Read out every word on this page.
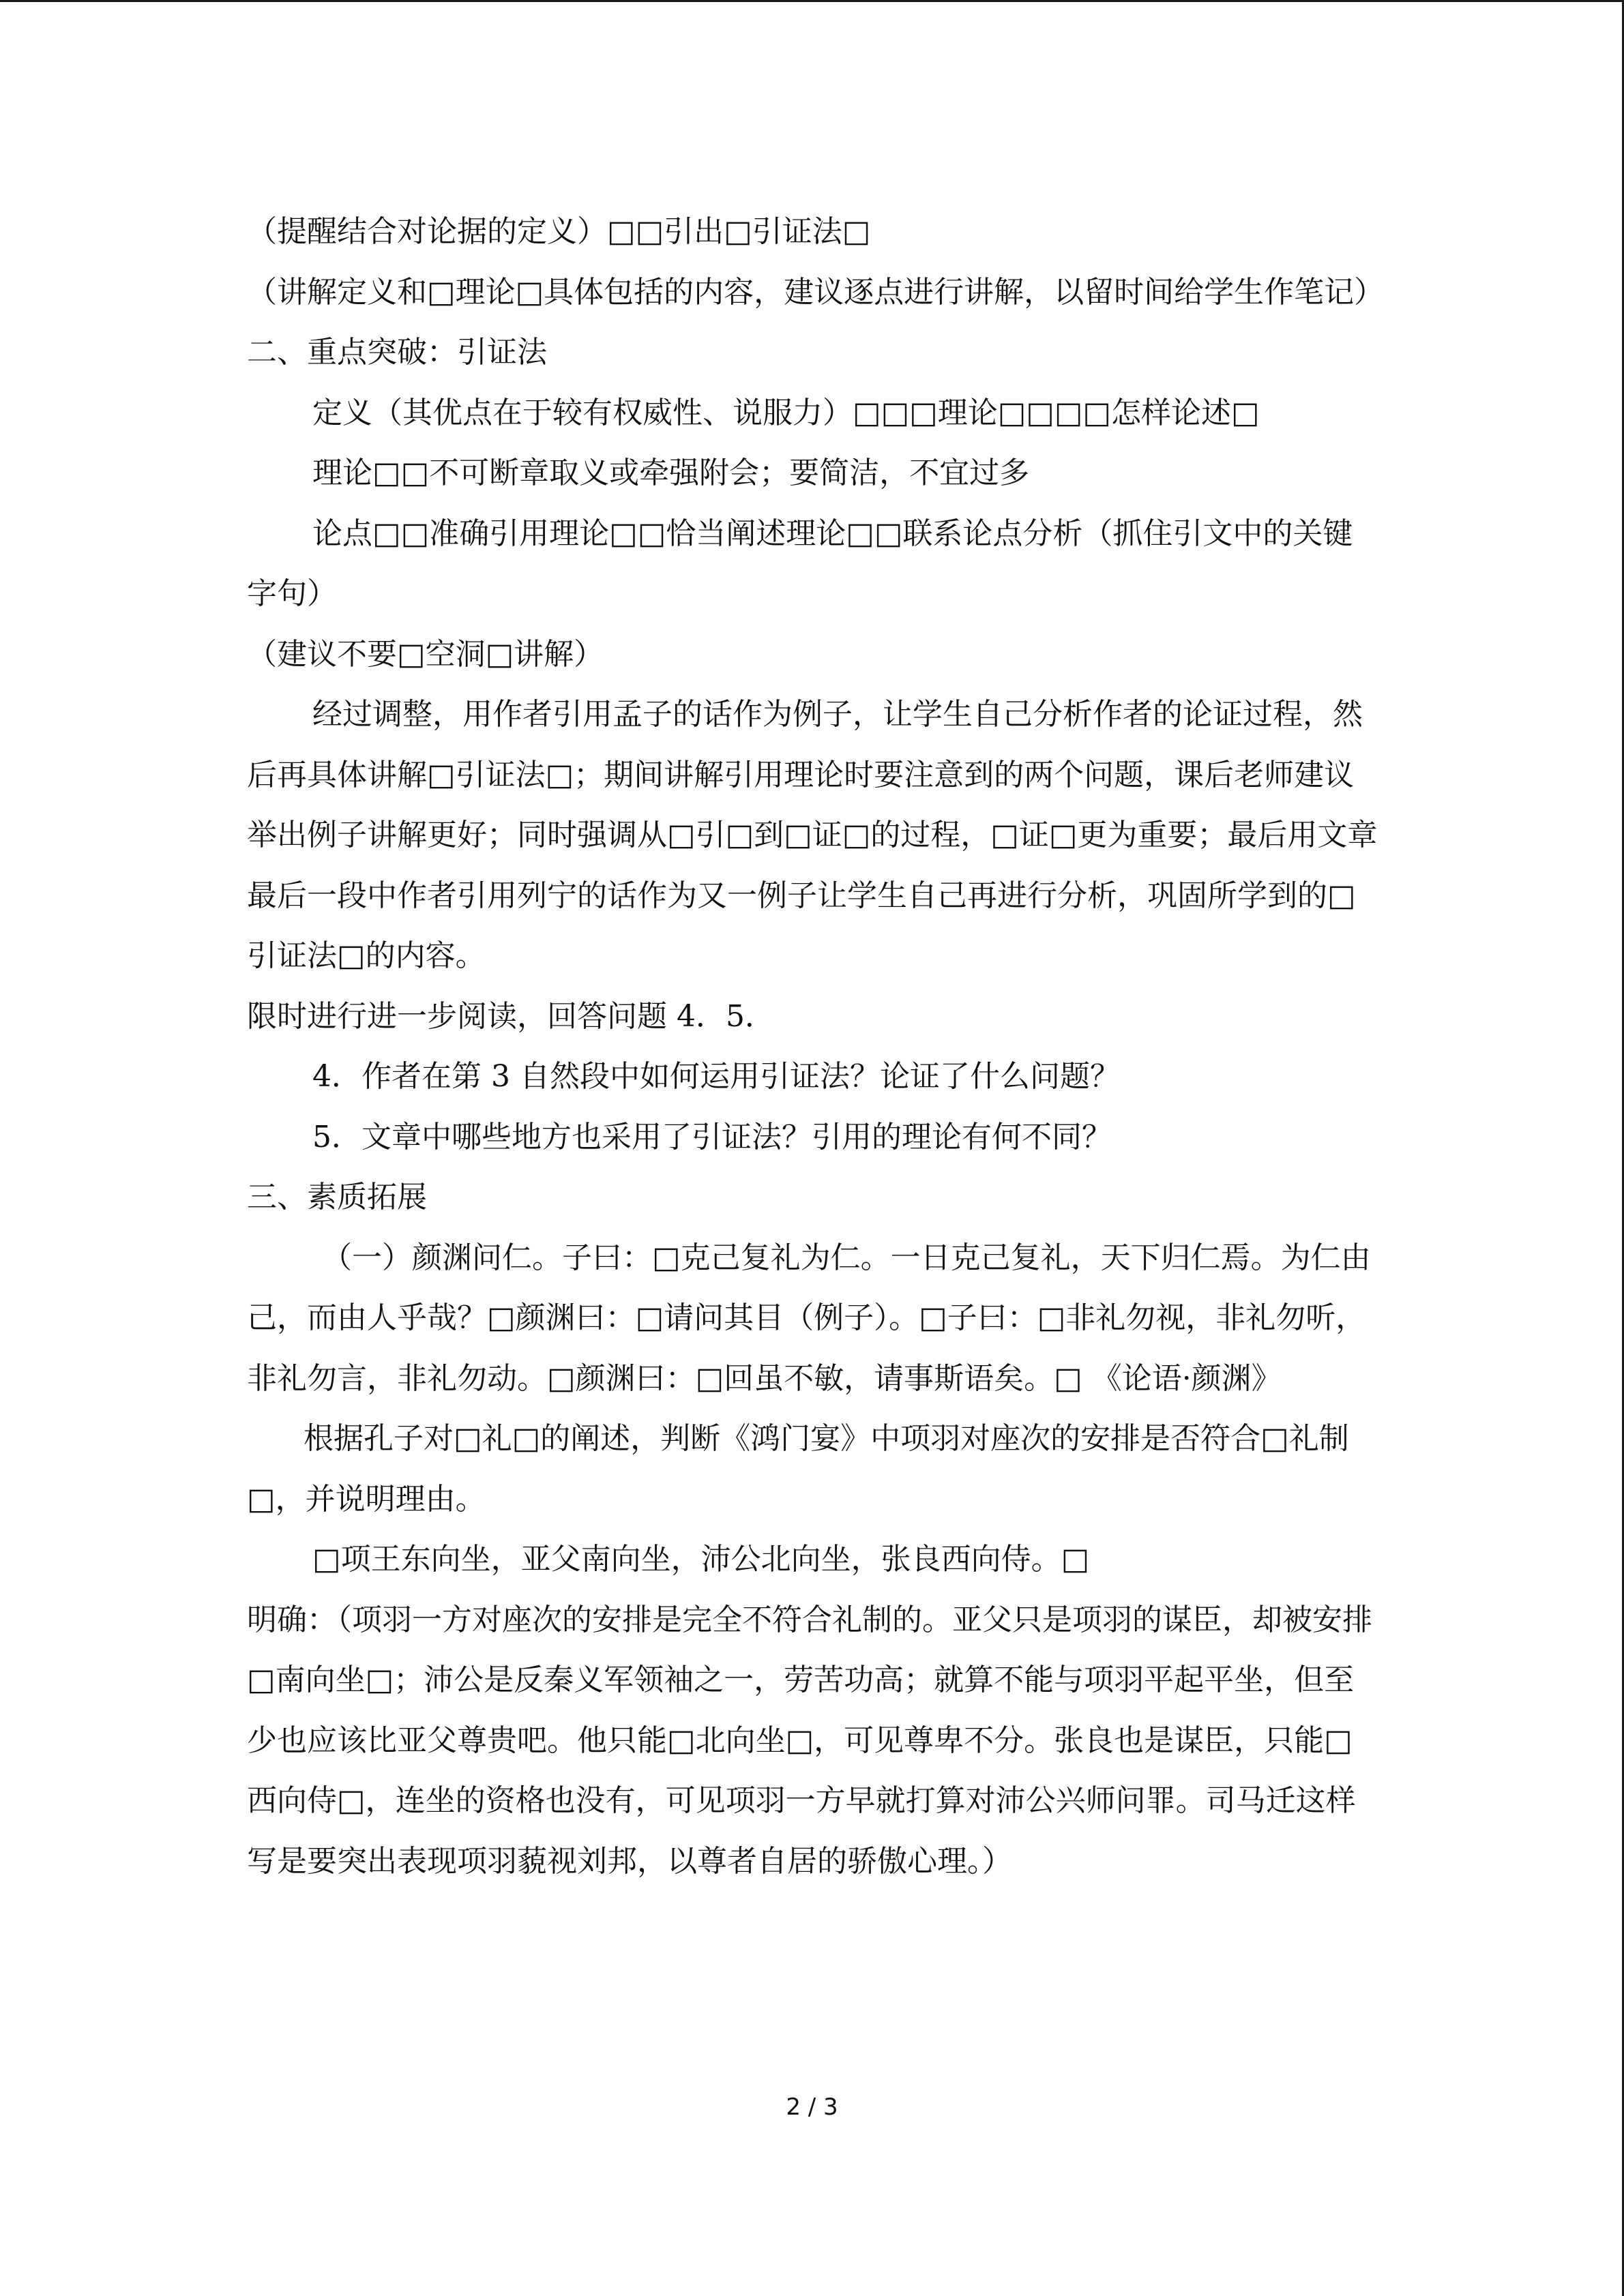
（提醒结合对论据的定义）□□引出□引证法□

（讲解定义和□理论□具体包括的内容，建议逐点进行讲解，以留时间给学生作笔记）

二、重点突破：引证法

定义（其优点在于较有权威性、说服力）□□□理论□□□□怎样论述□

理论□□不可断章取义或牵强附会；要简洁，不宜过多

论点□□准确引用理论□□恰当阐述理论□□联系论点分析（抓住引文中的关键字句）

（建议不要□空洞□讲解）

经过调整，用作者引用孟子的话作为例子，让学生自己分析作者的论证过程，然后再具体讲解□引证法□；期间讲解引用理论时要注意到的两个问题，课后老师建议举出例子讲解更好；同时强调从□引□到□证□的过程，□证□更为重要；最后用文章最后一段中作者引用列宁的话作为又一例子让学生自己再进行分析，巩固所学到的□引证法□的内容。

限时进行进一步阅读，回答问题 4．5．

4．作者在第 3 自然段中如何运用引证法？论证了什么问题？

5．文章中哪些地方也采用了引证法？引用的理论有何不同？

三、素质拓展

（一）颜渊问仁。子曰：□克己复礼为仁。一日克己复礼，天下归仁焉。为仁由己，而由人乎哉？□颜渊曰：□请问其目（例子）。□子曰：□非礼勿视，非礼勿听，非礼勿言，非礼勿动。□颜渊曰：□回虽不敏，请事斯语矣。□ 《论语·颜渊》

根据孔子对□礼□的阐述，判断《鸿门宴》中项羽对座次的安排是否符合□礼制□，并说明理由。

□项王东向坐，亚父南向坐，沛公北向坐，张良西向侍。□

明确：（项羽一方对座次的安排是完全不符合礼制的。亚父只是项羽的谋臣，却被安排□南向坐□；沛公是反秦义军领袖之一，劳苦功高；就算不能与项羽平起平坐，但至少也应该比亚父尊贵吧。他只能□北向坐□，可见尊卑不分。张良也是谋臣，只能□西向侍□，连坐的资格也没有，可见项羽一方早就打算对沛公兴师问罪。司马迁这样写是要突出表现项羽藐视刘邦，以尊者自居的骄傲心理。）

2 / 3
